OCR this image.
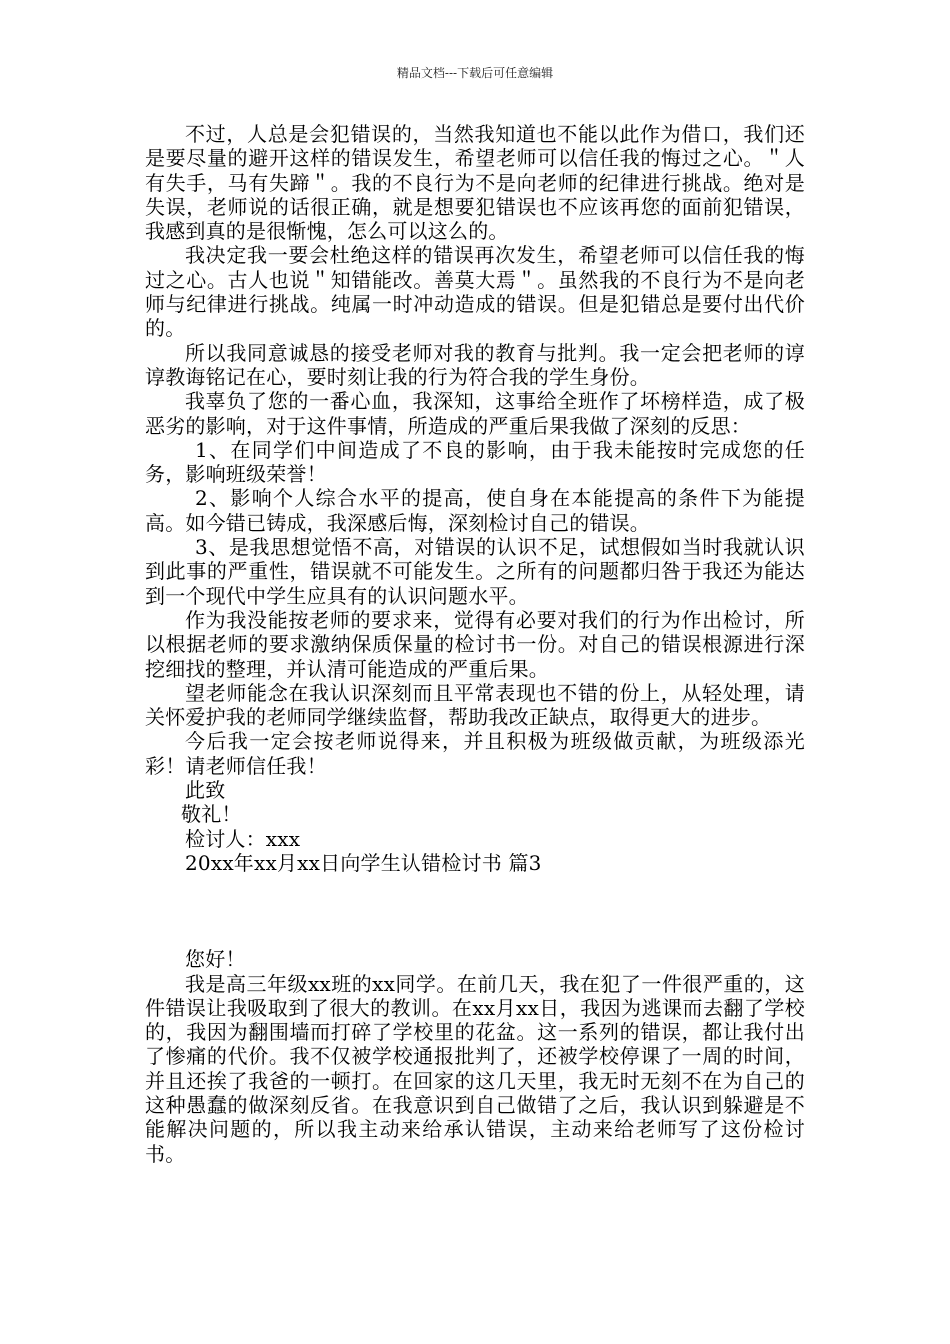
精品文档---下载后可任意编辑

不过，人总是会犯错误的，当然我知道也不能以此作为借口，我们还是要尽量的避开这样的错误发生，希望老师可以信任我的悔过之心。＂人有失手，马有失蹄＂。我的不良行为不是向老师的纪律进行挑战。绝对是失误，老师说的话很正确，就是想要犯错误也不应该再您的面前犯错误，我感到真的是很惭愧，怎么可以这么的。

我决定我一要会杜绝这样的错误再次发生，希望老师可以信任我的悔过之心。古人也说＂知错能改。善莫大焉＂。虽然我的不良行为不是向老师与纪律进行挑战。纯属一时冲动造成的错误。但是犯错总是要付出代价的。

所以我同意诚恳的接受老师对我的教育与批判。我一定会把老师的谆谆教诲铭记在心，要时刻让我的行为符合我的学生身份。

我辜负了您的一番心血，我深知，这事给全班作了坏榜样造，成了极恶劣的影响，对于这件事情，所造成的严重后果我做了深刻的反思：

1、在同学们中间造成了不良的影响，由于我未能按时完成您的任务，影响班级荣誉！

2、影响个人综合水平的提高，使自身在本能提高的条件下为能提高。如今错已铸成，我深感后悔，深刻检讨自己的错误。

3、是我思想觉悟不高，对错误的认识不足，试想假如当时我就认识到此事的严重性，错误就不可能发生。之所有的问题都归咎于我还为能达到一个现代中学生应具有的认识问题水平。

作为我没能按老师的要求来，觉得有必要对我们的行为作出检讨，所以根据老师的要求激纳保质保量的检讨书一份。对自己的错误根源进行深挖细找的整理，并认清可能造成的严重后果。

望老师能念在我认识深刻而且平常表现也不错的份上，从轻处理，请关怀爱护我的老师同学继续监督，帮助我改正缺点，取得更大的进步。

今后我一定会按老师说得来，并且积极为班级做贡献，为班级添光彩！请老师信任我！

此致

敬礼！

检讨人：xxx

20xx年xx月xx日向学生认错检讨书 篇3

您好！

我是高三年级xx班的xx同学。在前几天，我在犯了一件很严重的，这件错误让我吸取到了很大的教训。在xx月xx日，我因为逃课而去翻了学校的，我因为翻围墙而打碎了学校里的花盆。这一系列的错误，都让我付出了惨痛的代价。我不仅被学校通报批判了，还被学校停课了一周的时间，并且还挨了我爸的一顿打。在回家的这几天里，我无时无刻不在为自己的这种愚蠢的做深刻反省。在我意识到自己做错了之后，我认识到躲避是不能解决问题的，所以我主动来给承认错误，主动来给老师写了这份检讨书。
